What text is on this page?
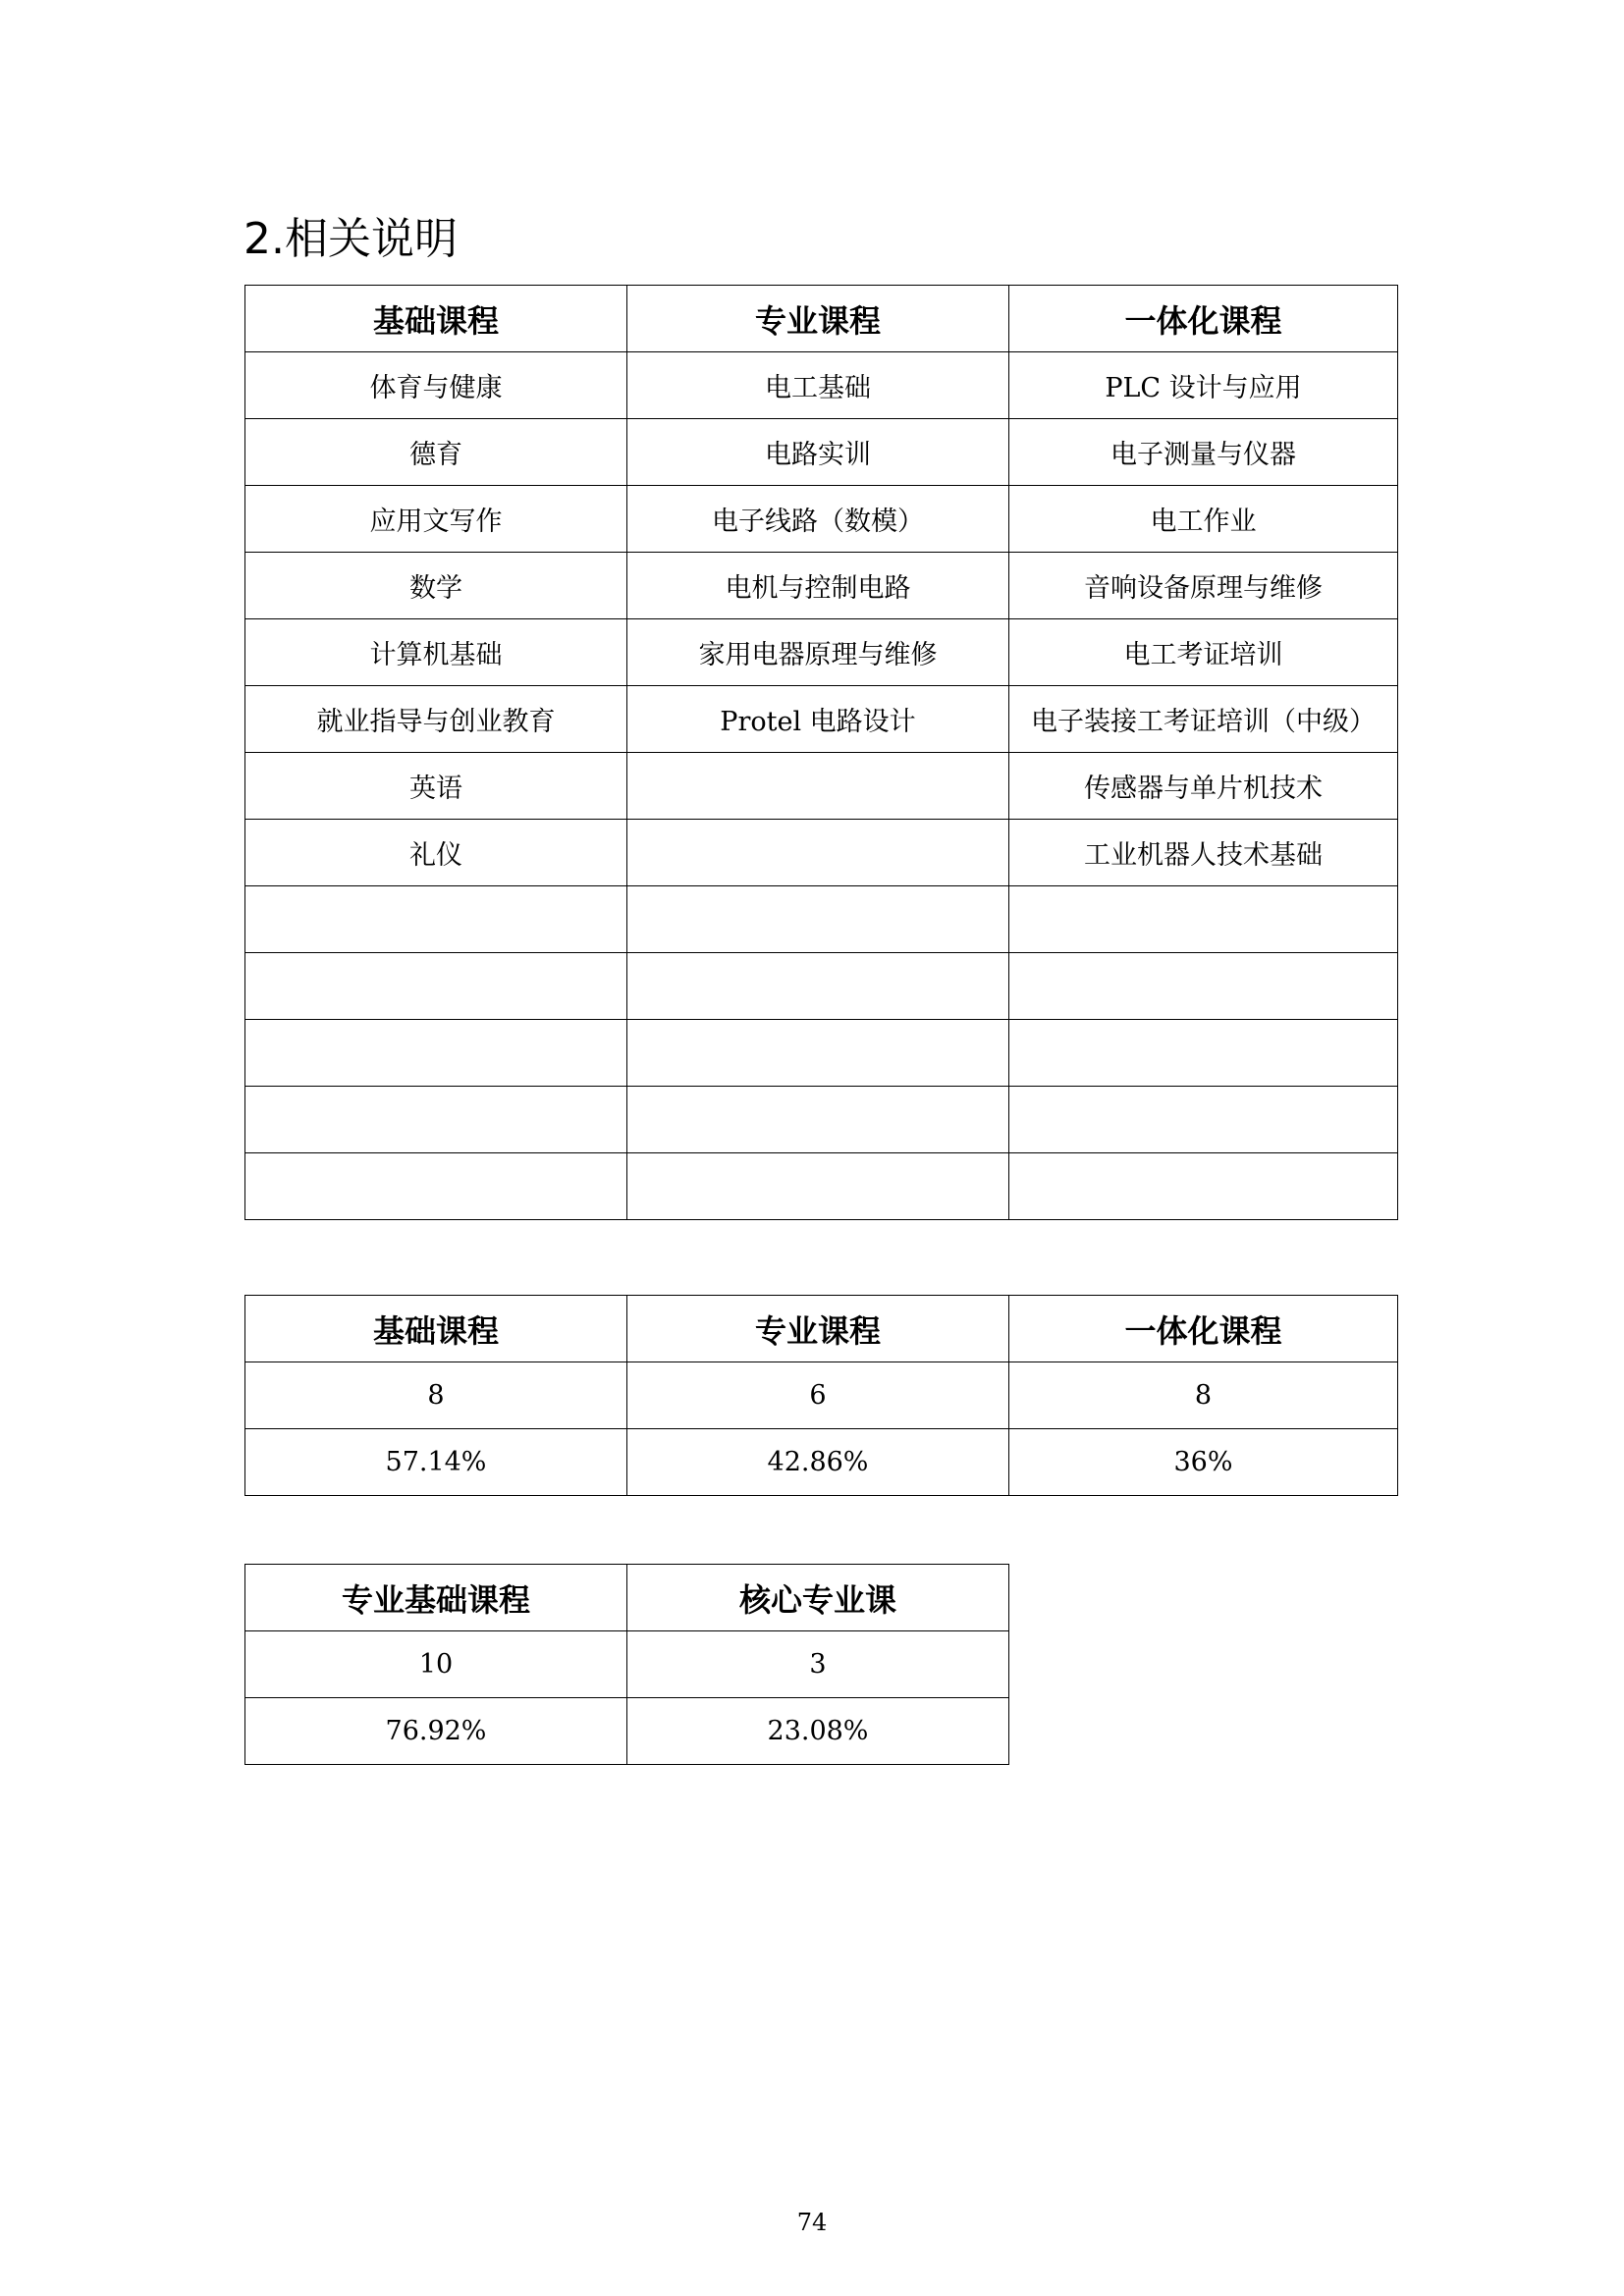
2.相关说明
基础课程	专业课程	一体化课程
体育与健康	电工基础	PLC 设计与应用
德育	电路实训	电子测量与仪器
应用文写作	电子线路（数模）	电工作业
数学	电机与控制电路	音响设备原理与维修
计算机基础	家用电器原理与维修	电工考证培训
就业指导与创业教育	Protel 电路设计	电子装接工考证培训（中级）
英语		传感器与单片机技术
礼仪		工业机器人技术基础

基础课程	专业课程	一体化课程
8	6	8
57.14%	42.86%	36%
专业基础课程	核心专业课
10	3
76.92%	23.08%
74
